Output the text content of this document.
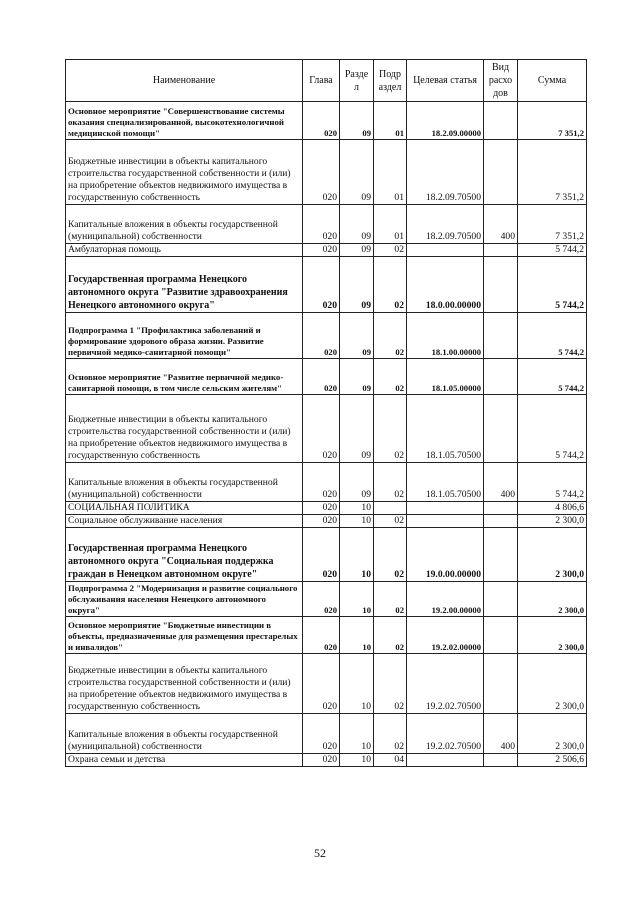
Наименование	Глава	Разде л	Подр аздел	Целевая статья	Вид расхо дов	Сумма
Основное мероприятие "Совершенствование системы оказания специализированной, высокотехнологичной медицинской помощи"	020	09	01	18.2.09.00000		7 351,2
Бюджетные инвестиции в объекты капитального строительства государственной собственности и (или) на приобретение объектов недвижимого имущества в государственную собственность	020	09	01	18.2.09.70500		7 351,2
Капитальные вложения в объекты государственной (муниципальной) собственности	020	09	01	18.2.09.70500	400	7 351,2
Амбулаторная помощь	020	09	02			5 744,2
Государственная программа Ненецкого автономного округа "Развитие здравоохранения Ненецкого автономного округа"	020	09	02	18.0.00.00000		5 744,2
Подпрограмма 1 "Профилактика заболеваний и формирование здорового образа жизни. Развитие первичной медико-санитарной помощи"	020	09	02	18.1.00.00000		5 744,2
Основное мероприятие "Развитие первичной медико-санитарной помощи, в том числе сельским жителям"	020	09	02	18.1.05.00000		5 744,2
Бюджетные инвестиции в объекты капитального строительства государственной собственности и (или) на приобретение объектов недвижимого имущества в государственную собственность	020	09	02	18.1.05.70500		5 744,2
Капитальные вложения в объекты государственной (муниципальной) собственности	020	09	02	18.1.05.70500	400	5 744,2
СОЦИАЛЬНАЯ ПОЛИТИКА	020	10				4 806,6
Социальное обслуживание населения	020	10	02			2 300,0
Государственная программа Ненецкого автономного округа "Социальная поддержка граждан в Ненецком автономном округе"	020	10	02	19.0.00.00000		2 300,0
Подпрограмма 2 "Модернизация и развитие социального обслуживания населения Ненецкого автономного округа"	020	10	02	19.2.00.00000		2 300,0
Основное мероприятие "Бюджетные инвестиции в объекты, предназначенные для размещения престарелых и инвалидов"	020	10	02	19.2.02.00000		2 300,0
Бюджетные инвестиции в объекты капитального строительства государственной собственности и (или) на приобретение объектов недвижимого имущества в государственную собственность	020	10	02	19.2.02.70500		2 300,0
Капитальные вложения в объекты государственной (муниципальной) собственности	020	10	02	19.2.02.70500	400	2 300,0
Охрана семьи и детства	020	10	04			2 506,6
52
